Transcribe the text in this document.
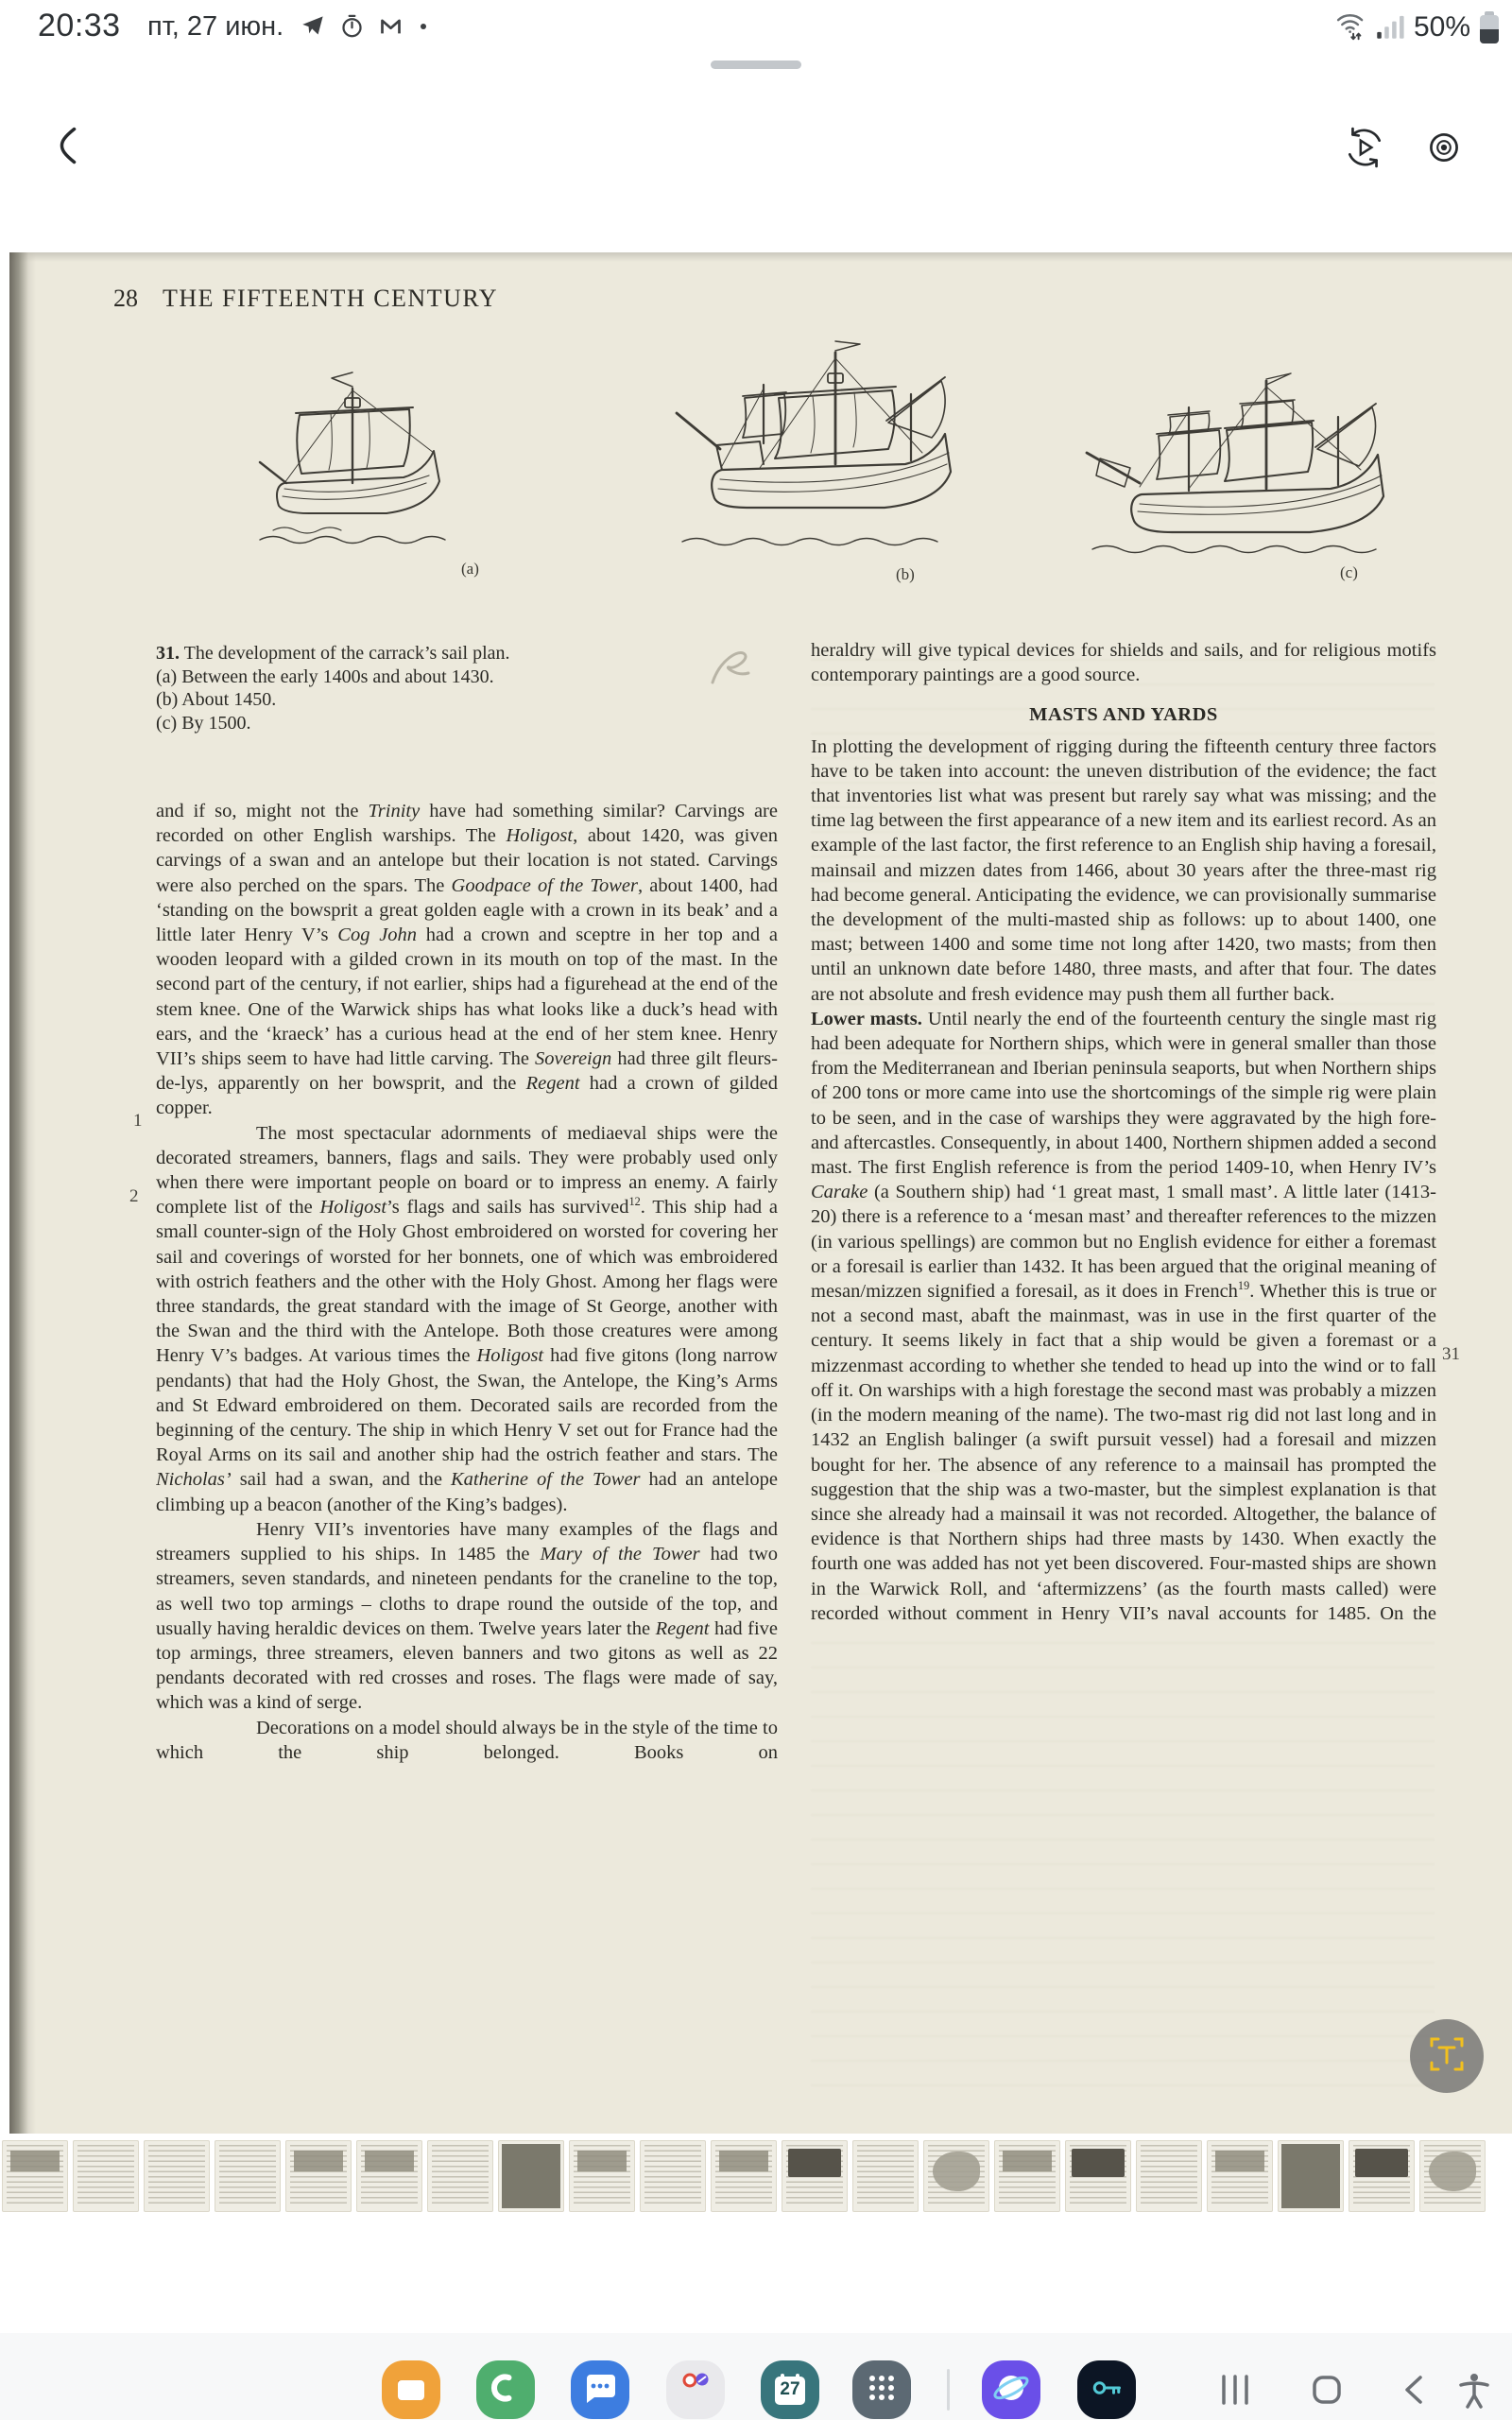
20:33 пт, 27 июн.	50%
28 THE FIFTEENTH CENTURY
(a)	(b)	(c)
31. The development of the carrack’s sail plan.
(a) Between the early 1400s and about 1430.
(b) About 1450.
(c) By 1500.

and if so, might not the Trinity have had something similar? Carvings are recorded on other English warships. The Holigost, about 1420, was given carvings of a swan and an antelope but their location is not stated. Carvings were also perched on the spars. The Goodpace of the Tower, about 1400, had ‘standing on the bowsprit a great golden eagle with a crown in its beak’ and a little later Henry V’s Cog John had a crown and sceptre in her top and a wooden leopard with a gilded crown in its mouth on top of the mast. In the second part of the century, if not earlier, ships had a figurehead at the end of the stem knee. One of the Warwick ships has what looks like a duck’s head with ears, and the ‘kraeck’ has a curious head at the end of her stem knee. Henry VII’s ships seem to have had little carving. The Sovereign had three gilt fleurs-de-lys, apparently on her bowsprit, and the Regent had a crown of gilded copper.

The most spectacular adornments of mediaeval ships were the decorated streamers, banners, flags and sails. They were probably used only when there were important people on board or to impress an enemy. A fairly complete list of the Holigost’s flags and sails has survived$^{12}$. This ship had a small counter-sign of the Holy Ghost embroidered on worsted for covering her sail and coverings of worsted for her bonnets, one of which was embroidered with ostrich feathers and the other with the Holy Ghost. Among her flags were three standards, the great standard with the image of St George, another with the Swan and the third with the Antelope. Both those creatures were among Henry V’s badges. At various times the Holigost had five gitons (long narrow pendants) that had the Holy Ghost, the Swan, the Antelope, the King’s Arms and St Edward embroidered on them. Decorated sails are recorded from the beginning of the century. The ship in which Henry V set out for France had the Royal Arms on its sail and another ship had the ostrich feather and stars. The Nicholas’ sail had a swan, and the Katherine of the Tower had an antelope climbing up a beacon (another of the King’s badges).

Henry VII’s inventories have many examples of the flags and streamers supplied to his ships. In 1485 the Mary of the Tower had two streamers, seven standards, and nineteen pendants for the craneline to the top, as well two top armings – cloths to drape round the outside of the top, and usually having heraldic devices on them. Twelve years later the Regent had five top armings, three streamers, eleven banners and two gitons as well as 22 pendants decorated with red crosses and roses. The flags were made of say, which was a kind of serge.

Decorations on a model should always be in the style of the time to which the ship belonged. Books on

1
2

heraldry will give typical devices for shields and sails, and for religious motifs contemporary paintings are a good source.

MASTS AND YARDS

In plotting the development of rigging during the fifteenth century three factors have to be taken into account: the uneven distribution of the evidence; the fact that inventories list what was present but rarely say what was missing; and the time lag between the first appearance of a new item and its earliest record. As an example of the last factor, the first reference to an English ship having a foresail, mainsail and mizzen dates from 1466, about 30 years after the three-mast rig had become general. Anticipating the evidence, we can provisionally summarise the development of the multi-masted ship as follows: up to about 1400, one mast; between 1400 and some time not long after 1420, two masts; from then until an unknown date before 1480, three masts, and after that four. The dates are not absolute and fresh evidence may push them all further back.

Lower masts. Until nearly the end of the fourteenth century the single mast rig had been adequate for Northern ships, which were in general smaller than those from the Mediterranean and Iberian peninsula seaports, but when Northern ships of 200 tons or more came into use the shortcomings of the simple rig were plain to be seen, and in the case of warships they were aggravated by the high fore- and aftercastles. Consequently, in about 1400, Northern shipmen added a second mast. The first English reference is from the period 1409-10, when Henry IV’s Carake (a Southern ship) had ‘1 great mast, 1 small mast’. A little later (1413-20) there is a reference to a ‘mesan mast’ and thereafter references to the mizzen (in various spellings) are common but no English evidence for either a foremast or a foresail is earlier than 1432. It has been argued that the original meaning of mesan/mizzen signified a foresail, as it does in French$^{19}$. Whether this is true or not a second mast, abaft the mainmast, was in use in the first quarter of the century. It seems likely in fact that a ship would be given a foremast or a mizzenmast according to whether she tended to head up into the wind or to fall off it. On warships with a high forestage the second mast was probably a mizzen (in the modern meaning of the name). The two-mast rig did not last long and in 1432 an English balinger (a swift pursuit vessel) had a foresail and mizzen bought for her. The absence of any reference to a mainsail has prompted the suggestion that the ship was a two-master, but the simplest explanation is that since she already had a mainsail it was not recorded. Altogether, the balance of evidence is that Northern ships had three masts by 1430. When exactly the fourth one was added has not yet been discovered. Four-masted ships are shown in the Warwick Roll, and ‘aftermizzens’ (as the fourth masts called) were recorded without comment in Henry VII’s naval accounts for 1485. On the

31
27
